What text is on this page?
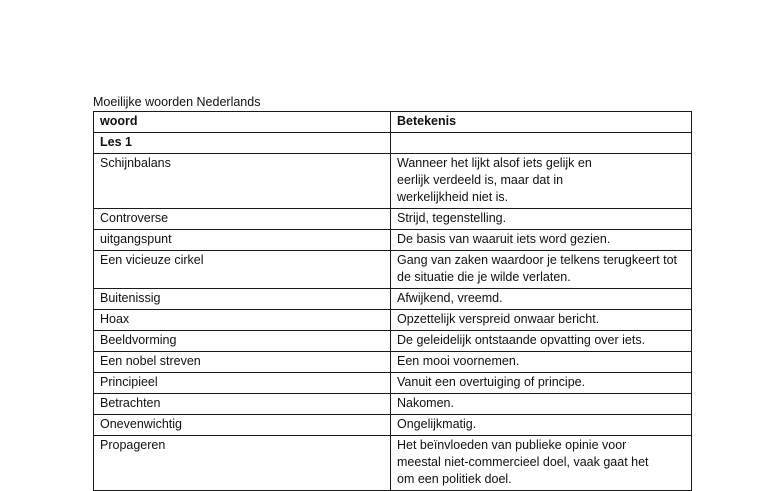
Moeilijke woorden Nederlands
woord	Betekenis
Les 1	
Schijnbalans	Wanneer het lijkt alsof iets gelijk en eerlijk verdeeld is, maar dat in werkelijkheid niet is.

Controverse	Strijd, tegenstelling.
uitgangspunt	De basis van waaruit iets word gezien.
Een vicieuze cirkel	Gang van zaken waardoor je telkens terugkeert tot de situatie die je wilde verlaten.

Buitenissig	Afwijkend, vreemd.
Hoax	Opzettelijk verspreid onwaar bericht.
Beeldvorming	De geleidelijk ontstaande opvatting over iets.
Een nobel streven	Een mooi voornemen.
Principieel	Vanuit een overtuiging of principe.
Betrachten	Nakomen.
Onevenwichtig	Ongelijkmatig.
Propageren	Het beïnvloeden van publieke opinie voor meestal niet-commercieel doel, vaak gaat het om een politiek doel.
